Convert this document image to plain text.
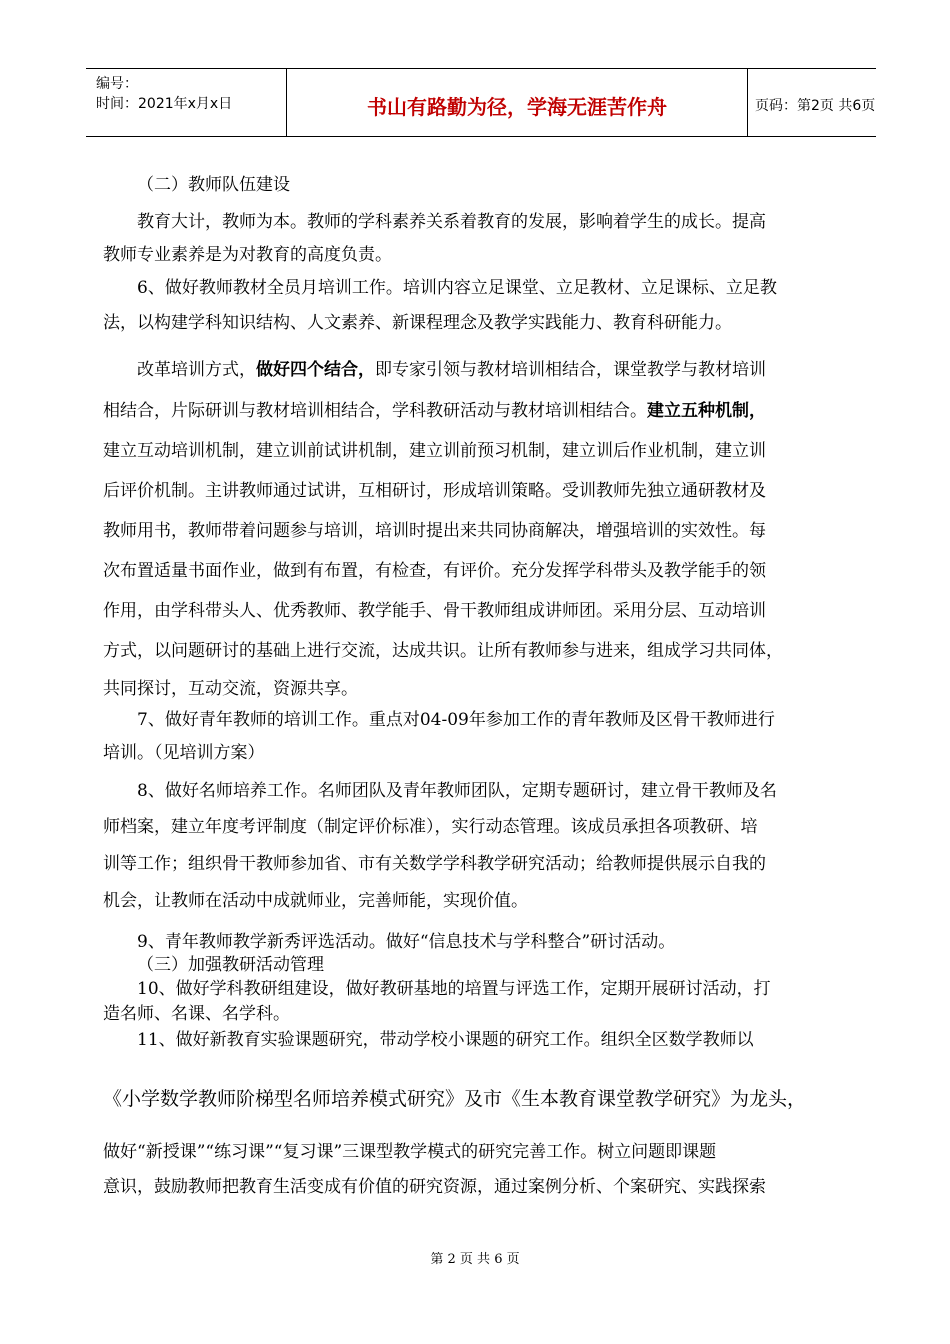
编号：
时间：2021年x月x日	书山有路勤为径，学海无涯苦作舟	页码：第2页 共6页
（二）教师队伍建设
教育大计，教师为本。教师的学科素养关系着教育的发展，影响着学生的成长。提高
教师专业素养是为对教育的高度负责。
6、做好教师教材全员月培训工作。培训内容立足课堂、立足教材、立足课标、立足教
法，以构建学科知识结构、人文素养、新课程理念及教学实践能力、教育科研能力。
改革培训方式，做好四个结合，即专家引领与教材培训相结合，课堂教学与教材培训
相结合，片际研训与教材培训相结合，学科教研活动与教材培训相结合。建立五种机制，
建立互动培训机制，建立训前试讲机制，建立训前预习机制，建立训后作业机制，建立训
后评价机制。主讲教师通过试讲，互相研讨，形成培训策略。受训教师先独立通研教材及
教师用书，教师带着问题参与培训，培训时提出来共同协商解决，增强培训的实效性。每
次布置适量书面作业，做到有布置，有检查，有评价。充分发挥学科带头及教学能手的领
作用，由学科带头人、优秀教师、教学能手、骨干教师组成讲师团。采用分层、互动培训
方式，以问题研讨的基础上进行交流，达成共识。让所有教师参与进来，组成学习共同体，
共同探讨，互动交流，资源共享。
7、做好青年教师的培训工作。重点对04-09年参加工作的青年教师及区骨干教师进行
培训。（见培训方案）
8、做好名师培养工作。名师团队及青年教师团队，定期专题研讨，建立骨干教师及名
师档案，建立年度考评制度（制定评价标准），实行动态管理。该成员承担各项教研、培
训等工作；组织骨干教师参加省、市有关数学学科教学研究活动；给教师提供展示自我的
机会，让教师在活动中成就师业，完善师能，实现价值。
9、青年教师教学新秀评选活动。做好“信息技术与学科整合”研讨活动。
（三）加强教研活动管理
10、做好学科教研组建设，做好教研基地的培置与评选工作，定期开展研讨活动，打
造名师、名课、名学科。
11、做好新教育实验课题研究，带动学校小课题的研究工作。组织全区数学教师以
《小学数学教师阶梯型名师培养模式研究》及市《生本教育课堂教学研究》为龙头，
做好“新授课”“练习课”“复习课”三课型教学模式的研究完善工作。树立问题即课题
意识，鼓励教师把教育生活变成有价值的研究资源，通过案例分析、个案研究、实践探索
第 2 页 共 6 页
